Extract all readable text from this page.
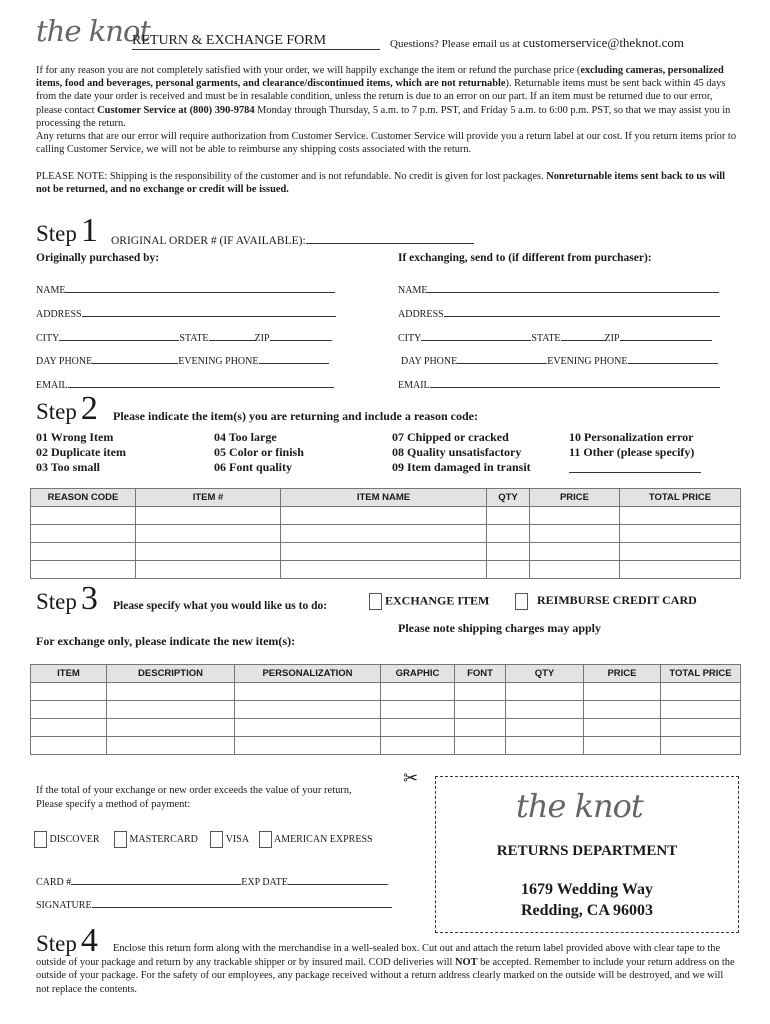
the knot
RETURN & EXCHANGE FORM	Questions? Please email us at customerservice@theknot.com
If for any reason you are not completely satisfied with your order, we will happily exchange the item or refund the purchase price (excluding cameras, personalized items, food and beverages, personal garments, and clearance/discontinued items, which are not returnable). Returnable items must be sent back within 45 days from the date your order is received and must be in resalable condition, unless the return is due to an error on our part. If an item must be returned due to our error, please contact Customer Service at (800) 390-9784 Monday through Thursday, 5 a.m. to 7 p.m. PST, and Friday 5 a.m. to 6:00 p.m. PST, so that we may assist you in processing the return.
Any returns that are our error will require authorization from Customer Service. Customer Service will provide you a return label at our cost. If you return items prior to calling Customer Service, we will not be able to reimburse any shipping costs associated with the return.
PLEASE NOTE: Shipping is the responsibility of the customer and is not refundable. No credit is given for lost packages. Nonreturnable items sent back to us will not be returned, and no exchange or credit will be issued.
Step 1 ORIGINAL ORDER # (IF AVAILABLE):
Originally purchased by:	If exchanging, send to (if different from purchaser):
NAME
ADDRESS
CITY	STATE	ZIP
DAY PHONE	EVENING PHONE
EMAIL
NAME
ADDRESS
CITY	STATE	ZIP
DAY PHONE	EVENING PHONE
EMAIL
Step 2 Please indicate the item(s) you are returning and include a reason code:
01 Wrong Item
02 Duplicate item
03 Too small
04 Too large
05 Color or finish
06 Font quality
07 Chipped or cracked
08 Quality unsatisfactory
09 Item damaged in transit
10 Personalization error
11 Other (please specify)
REASON CODE	ITEM #	ITEM NAME	QTY	PRICE	TOTAL PRICE

Step 3 Please specify what you would like us to do:	EXCHANGE ITEM	REIMBURSE CREDIT CARD
Please note shipping charges may apply
For exchange only, please indicate the new item(s):
ITEM	DESCRIPTION	PERSONALIZATION	GRAPHIC	FONT	QTY	PRICE	TOTAL PRICE

If the total of your exchange or new order exceeds the value of your return,
Please specify a method of payment:
DISCOVER	MASTERCARD	VISA	AMERICAN EXPRESS
CARD #	EXP DATE
SIGNATURE
✂
the knot
RETURNS DEPARTMENT
1679 Wedding Way
Redding, CA 96003
Step 4	Enclose this return form along with the merchandise in a well-sealed box. Cut out and attach the return label provided above with clear tape to the outside of your package and return by any trackable shipper or by insured mail. COD deliveries will NOT be accepted. Remember to include your return address on the outside of your package. For the safety of our employees, any package received without a return address clearly marked on the outside will be destroyed, and we will not replace the contents.
